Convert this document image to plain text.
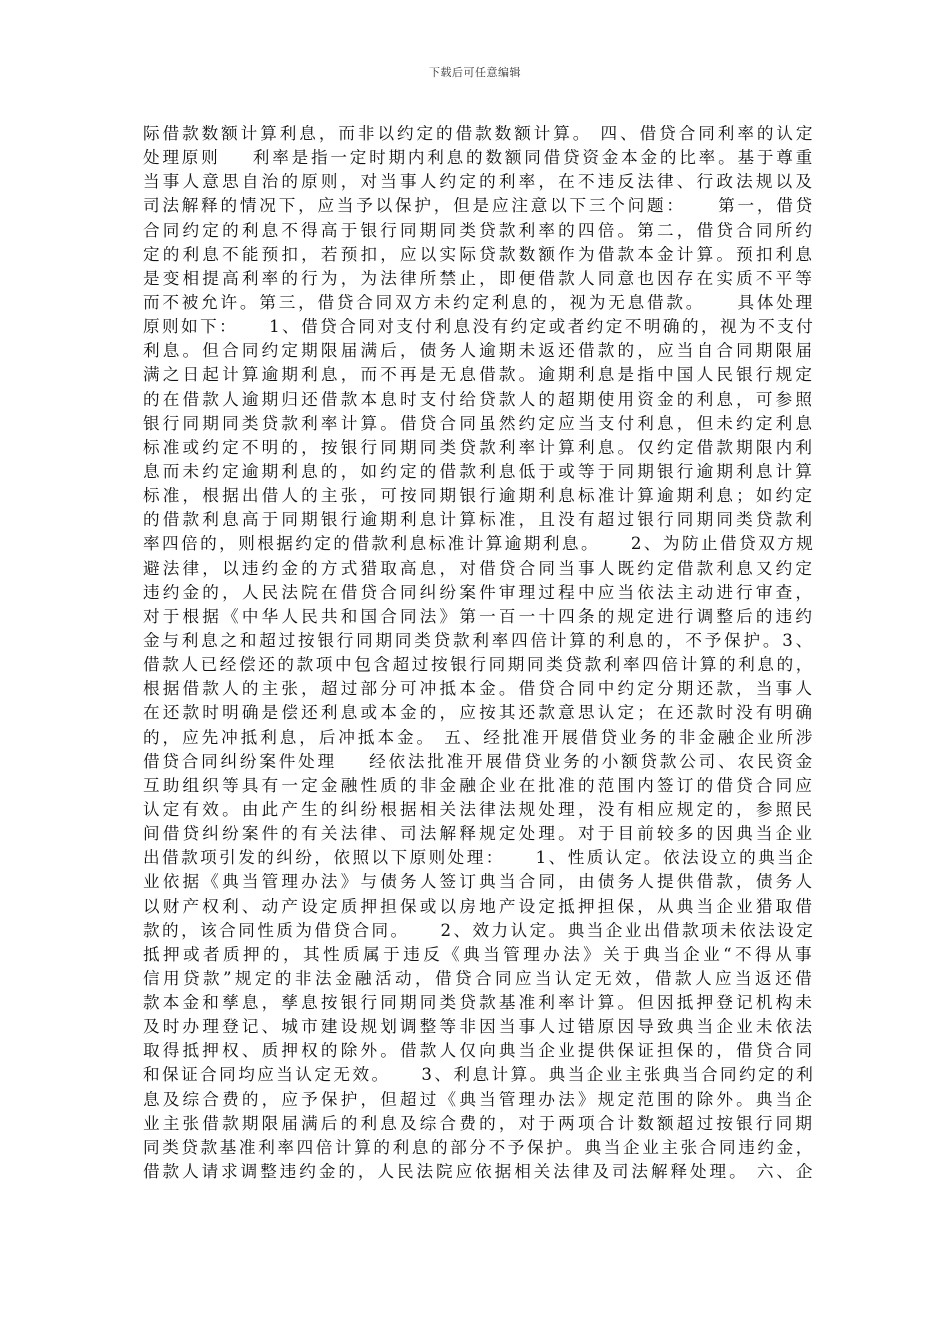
下载后可任意编辑
际借款数额计算利息，而非以约定的借款数额计算。 四、借贷合同利率的认定
处理原则    利率是指一定时期内利息的数额同借贷资金本金的比率。基于尊重
当事人意思自治的原则，对当事人约定的利率，在不违反法律、行政法规以及
司法解释的情况下，应当予以保护，但是应注意以下三个问题：    第一，借贷
合同约定的利息不得高于银行同期同类贷款利率的四倍。第二，借贷合同所约
定的利息不能预扣，若预扣，应以实际贷款数额作为借款本金计算。预扣利息
是变相提高利率的行为，为法律所禁止，即便借款人同意也因存在实质不平等
而不被允许。第三，借贷合同双方未约定利息的，视为无息借款。    具体处理
原则如下：    1、借贷合同对支付利息没有约定或者约定不明确的，视为不支付
利息。但合同约定期限届满后，债务人逾期未返还借款的，应当自合同期限届
满之日起计算逾期利息，而不再是无息借款。逾期利息是指中国人民银行规定
的在借款人逾期归还借款本息时支付给贷款人的超期使用资金的利息，可参照
银行同期同类贷款利率计算。借贷合同虽然约定应当支付利息，但未约定利息
标准或约定不明的，按银行同期同类贷款利率计算利息。仅约定借款期限内利
息而未约定逾期利息的，如约定的借款利息低于或等于同期银行逾期利息计算
标准，根据出借人的主张，可按同期银行逾期利息标准计算逾期利息；如约定
的借款利息高于同期银行逾期利息计算标准，且没有超过银行同期同类贷款利
率四倍的，则根据约定的借款利息标准计算逾期利息。    2、为防止借贷双方规
避法律，以违约金的方式猎取高息，对借贷合同当事人既约定借款利息又约定
违约金的，人民法院在借贷合同纠纷案件审理过程中应当依法主动进行审查，
对于根据《中华人民共和国合同法》第一百一十四条的规定进行调整后的违约
金与利息之和超过按银行同期同类贷款利率四倍计算的利息的，不予保护。3、
借款人已经偿还的款项中包含超过按银行同期同类贷款利率四倍计算的利息的，
根据借款人的主张，超过部分可冲抵本金。借贷合同中约定分期还款，当事人
在还款时明确是偿还利息或本金的，应按其还款意思认定；在还款时没有明确
的，应先冲抵利息，后冲抵本金。 五、经批准开展借贷业务的非金融企业所涉
借贷合同纠纷案件处理    经依法批准开展借贷业务的小额贷款公司、农民资金
互助组织等具有一定金融性质的非金融企业在批准的范围内签订的借贷合同应
认定有效。由此产生的纠纷根据相关法律法规处理，没有相应规定的，参照民
间借贷纠纷案件的有关法律、司法解释规定处理。对于目前较多的因典当企业
出借款项引发的纠纷，依照以下原则处理：    1、性质认定。依法设立的典当企
业依据《典当管理办法》与债务人签订典当合同，由债务人提供借款，债务人
以财产权利、动产设定质押担保或以房地产设定抵押担保，从典当企业猎取借
款的，该合同性质为借贷合同。    2、效力认定。典当企业出借款项未依法设定
抵押或者质押的，其性质属于违反《典当管理办法》关于典当企业“不得从事
信用贷款”规定的非法金融活动，借贷合同应当认定无效，借款人应当返还借
款本金和孳息，孳息按银行同期同类贷款基准利率计算。但因抵押登记机构未
及时办理登记、城市建设规划调整等非因当事人过错原因导致典当企业未依法
取得抵押权、质押权的除外。借款人仅向典当企业提供保证担保的，借贷合同
和保证合同均应当认定无效。    3、利息计算。典当企业主张典当合同约定的利
息及综合费的，应予保护，但超过《典当管理办法》规定范围的除外。典当企
业主张借款期限届满后的利息及综合费的，对于两项合计数额超过按银行同期
同类贷款基准利率四倍计算的利息的部分不予保护。典当企业主张合同违约金，
借款人请求调整违约金的，人民法院应依据相关法律及司法解释处理。 六、企
